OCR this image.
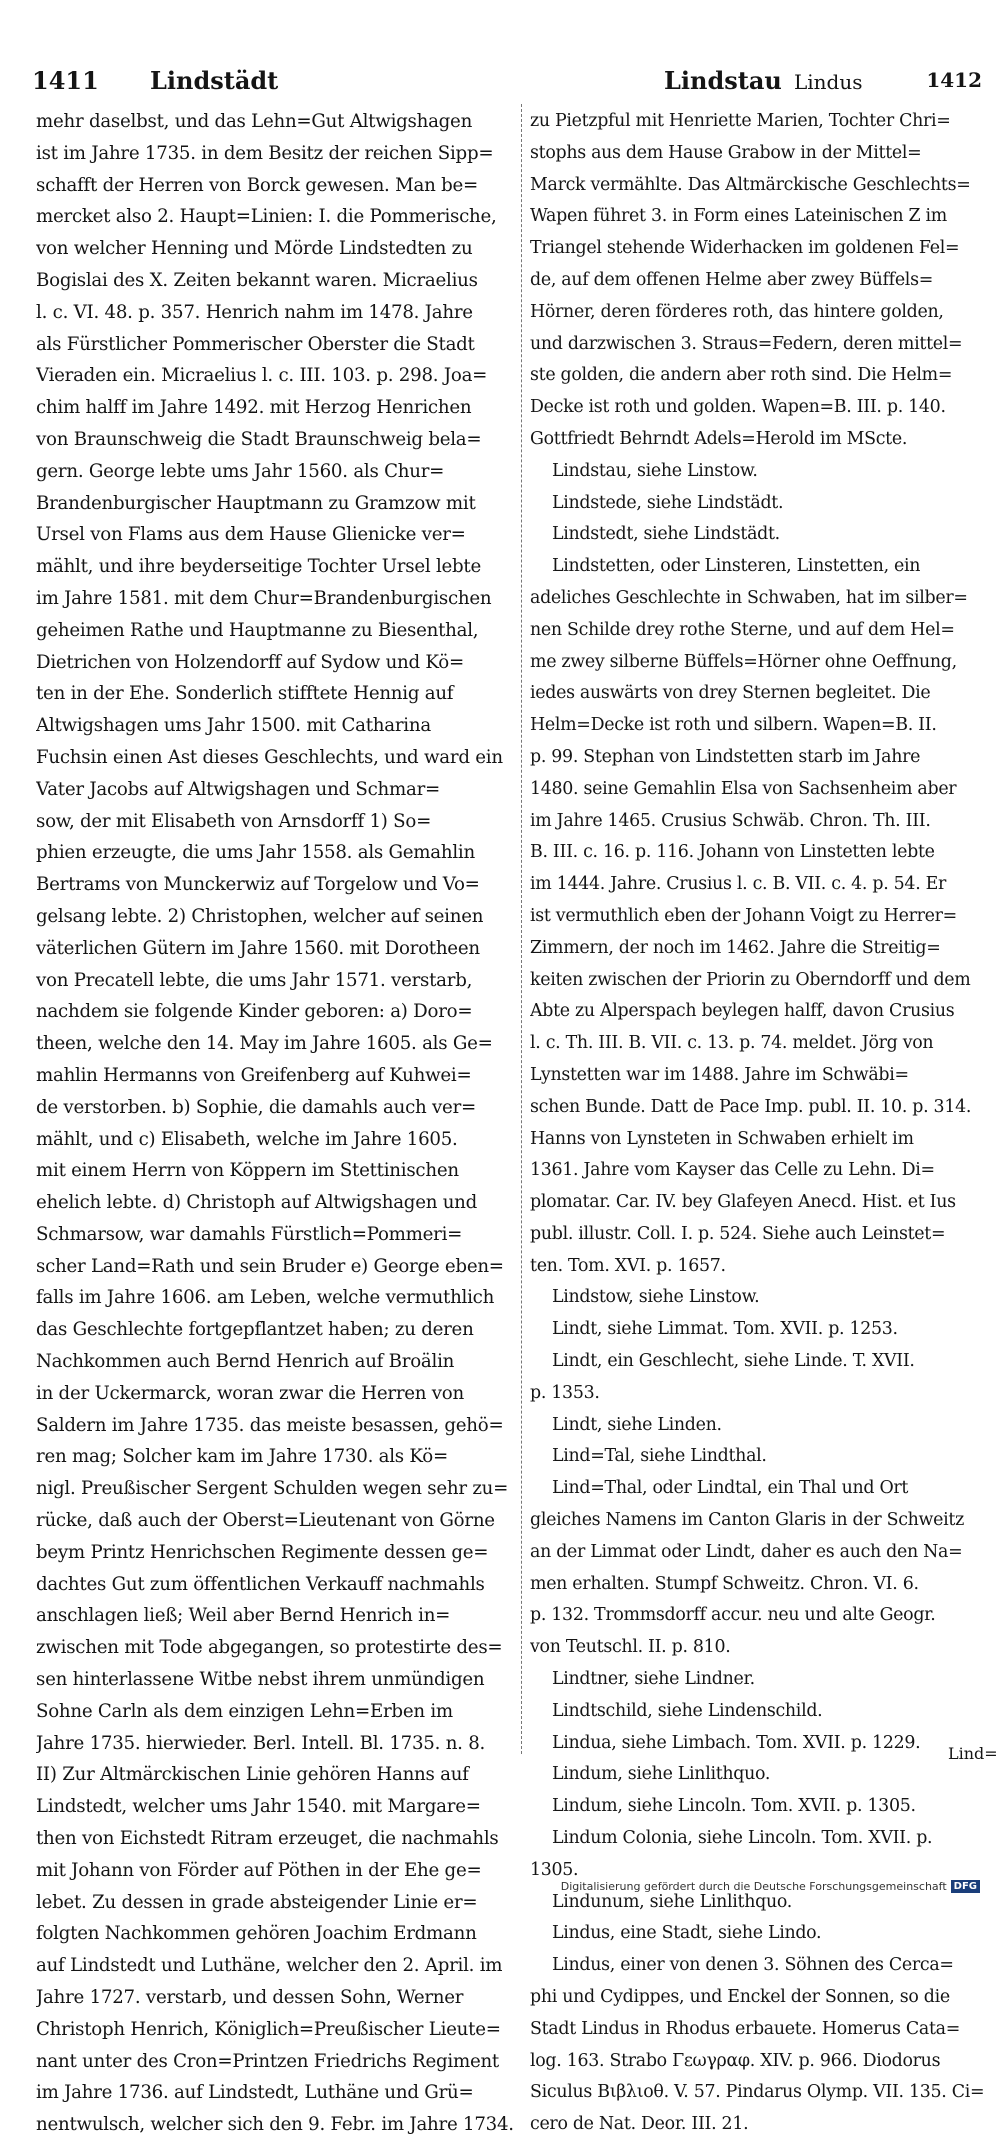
1411 Lindstädt	Lindstau Lindus	1412
mehr daselbst, und das Lehn=Gut Altwigshagen
ist im Jahre 1735. in dem Besitz der reichen Sipp=
schafft der Herren von Borck gewesen. Man be=
mercket also 2. Haupt=Linien: I. die Pommerische,
von welcher Henning und Mörde Lindstedten zu
Bogislai des X. Zeiten bekannt waren. Micraelius
l. c. VI. 48. p. 357. Henrich nahm im 1478. Jahre
als Fürstlicher Pommerischer Oberster die Stadt
Vieraden ein. Micraelius l. c. III. 103. p. 298. Joa=
chim halff im Jahre 1492. mit Herzog Henrichen
von Braunschweig die Stadt Braunschweig bela=
gern. George lebte ums Jahr 1560. als Chur=
Brandenburgischer Hauptmann zu Gramzow mit
Ursel von Flams aus dem Hause Glienicke ver=
mählt, und ihre beyderseitige Tochter Ursel lebte
im Jahre 1581. mit dem Chur=Brandenburgischen
geheimen Rathe und Hauptmanne zu Biesenthal,
Dietrichen von Holzendorff auf Sydow und Kö=
ten in der Ehe. Sonderlich stifftete Hennig auf
Altwigshagen ums Jahr 1500. mit Catharina
Fuchsin einen Ast dieses Geschlechts, und ward ein
Vater Jacobs auf Altwigshagen und Schmar=
sow, der mit Elisabeth von Arnsdorff 1) So=
phien erzeugte, die ums Jahr 1558. als Gemahlin
Bertrams von Munckerwiz auf Torgelow und Vo=
gelsang lebte. 2) Christophen, welcher auf seinen
väterlichen Gütern im Jahre 1560. mit Dorotheen
von Precatell lebte, die ums Jahr 1571. verstarb,
nachdem sie folgende Kinder geboren: a) Doro=
theen, welche den 14. May im Jahre 1605. als Ge=
mahlin Hermanns von Greifenberg auf Kuhwei=
de verstorben. b) Sophie, die damahls auch ver=
mählt, und c) Elisabeth, welche im Jahre 1605.
mit einem Herrn von Köppern im Stettinischen
ehelich lebte. d) Christoph auf Altwigshagen und
Schmarsow, war damahls Fürstlich=Pommeri=
scher Land=Rath und sein Bruder e) George eben=
falls im Jahre 1606. am Leben, welche vermuthlich
das Geschlechte fortgepflantzet haben; zu deren
Nachkommen auch Bernd Henrich auf Broälin
in der Uckermarck, woran zwar die Herren von
Saldern im Jahre 1735. das meiste besassen, gehö=
ren mag; Solcher kam im Jahre 1730. als Kö=
nigl. Preußischer Sergent Schulden wegen sehr zu=
rücke, daß auch der Oberst=Lieutenant von Görne
beym Printz Henrichschen Regimente dessen ge=
dachtes Gut zum öffentlichen Verkauff nachmahls
anschlagen ließ; Weil aber Bernd Henrich in=
zwischen mit Tode abgegangen, so protestirte des=
sen hinterlassene Witbe nebst ihrem unmündigen
Sohne Carln als dem einzigen Lehn=Erben im
Jahre 1735. hierwieder. Berl. Intell. Bl. 1735. n. 8.
II) Zur Altmärckischen Linie gehören Hanns auf
Lindstedt, welcher ums Jahr 1540. mit Margare=
then von Eichstedt Ritram erzeuget, die nachmahls
mit Johann von Förder auf Pöthen in der Ehe ge=
lebet. Zu dessen in grade absteigender Linie er=
folgten Nachkommen gehören Joachim Erdmann
auf Lindstedt und Luthäne, welcher den 2. April. im
Jahre 1727. verstarb, und dessen Sohn, Werner
Christoph Henrich, Königlich=Preußischer Lieute=
nant unter des Cron=Printzen Friedrichs Regiment
im Jahre 1736. auf Lindstedt, Luthäne und Grü=
nentwulsch, welcher sich den 9. Febr. im Jahre 1734.
zu Pietzpful mit Henriette Marien, Tochter Chri=
stophs aus dem Hause Grabow in der Mittel=
Marck vermählte. Das Altmärckische Geschlechts=
Wapen führet 3. in Form eines Lateinischen Z im
Triangel stehende Widerhacken im goldenen Fel=
de, auf dem offenen Helme aber zwey Büffels=
Hörner, deren förderes roth, das hintere golden,
und darzwischen 3. Straus=Federn, deren mittel=
ste golden, die andern aber roth sind. Die Helm=
Decke ist roth und golden. Wapen=B. III. p. 140.
Gottfriedt Behrndt Adels=Herold im MScte.
Lindstau, siehe Linstow.
Lindstede, siehe Lindstädt.
Lindstedt, siehe Lindstädt.
Lindstetten, oder Linsteren, Linstetten, ein
adeliches Geschlechte in Schwaben, hat im silber=
nen Schilde drey rothe Sterne, und auf dem Hel=
me zwey silberne Büffels=Hörner ohne Oeffnung,
iedes auswärts von drey Sternen begleitet. Die
Helm=Decke ist roth und silbern. Wapen=B. II.
p. 99. Stephan von Lindstetten starb im Jahre
1480. seine Gemahlin Elsa von Sachsenheim aber
im Jahre 1465. Crusius Schwäb. Chron. Th. III.
B. III. c. 16. p. 116. Johann von Linstetten lebte
im 1444. Jahre. Crusius l. c. B. VII. c. 4. p. 54. Er
ist vermuthlich eben der Johann Voigt zu Herrer=
Zimmern, der noch im 1462. Jahre die Streitig=
keiten zwischen der Priorin zu Oberndorff und dem
Abte zu Alperspach beylegen halff, davon Crusius
l. c. Th. III. B. VII. c. 13. p. 74. meldet. Jörg von
Lynstetten war im 1488. Jahre im Schwäbi=
schen Bunde. Datt de Pace Imp. publ. II. 10. p. 314.
Hanns von Lynsteten in Schwaben erhielt im
1361. Jahre vom Kayser das Celle zu Lehn. Di=
plomatar. Car. IV. bey Glafeyen Anecd. Hist. et Ius
publ. illustr. Coll. I. p. 524. Siehe auch Leinstet=
ten. Tom. XVI. p. 1657.
Lindstow, siehe Linstow.
Lindt, siehe Limmat. Tom. XVII. p. 1253.
Lindt, ein Geschlecht, siehe Linde. T. XVII.
p. 1353.
Lindt, siehe Linden.
Lind=Tal, siehe Lindthal.
Lind=Thal, oder Lindtal, ein Thal und Ort
gleiches Namens im Canton Glaris in der Schweitz
an der Limmat oder Lindt, daher es auch den Na=
men erhalten. Stumpf Schweitz. Chron. VI. 6.
p. 132. Trommsdorff accur. neu und alte Geogr.
von Teutschl. II. p. 810.
Lindtner, siehe Lindner.
Lindtschild, siehe Lindenschild.
Lindua, siehe Limbach. Tom. XVII. p. 1229.
Lindum, siehe Linlithquo.
Lindum, siehe Lincoln. Tom. XVII. p. 1305.
Lindum Colonia, siehe Lincoln. Tom. XVII. p.
1305.
Lindunum, siehe Linlithquo.
Lindus, eine Stadt, siehe Lindo.
Lindus, einer von denen 3. Söhnen des Cerca=
phi und Cydippes, und Enckel der Sonnen, so die
Stadt Lindus in Rhodus erbauete. Homerus Cata=
log. 163. Strabo Γεωγραφ. XIV. p. 966. Diodorus
Siculus Βιβλιοθ. V. 57. Pindarus Olymp. VII. 135. Ci=
cero de Nat. Deor. III. 21.
Lind=
Digitalisierung gefördert durch die Deutsche Forschungsgemeinschaft DFG
